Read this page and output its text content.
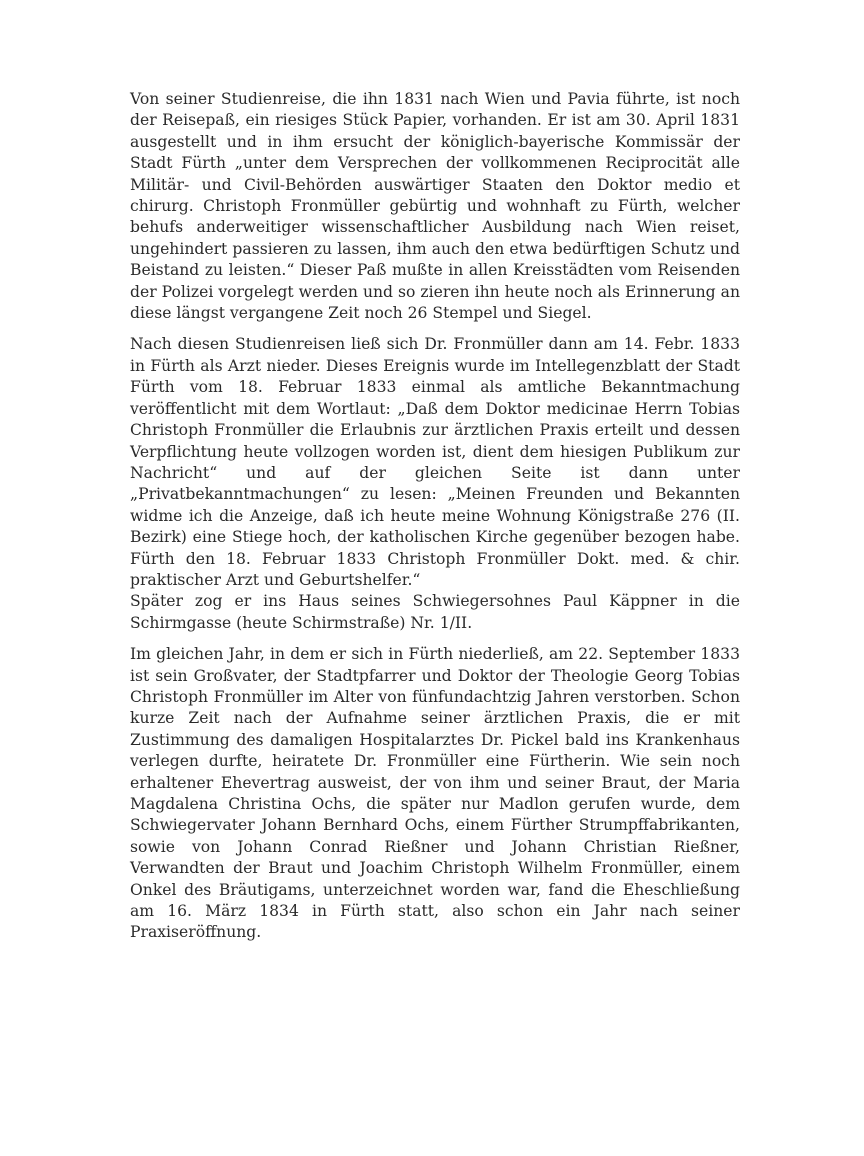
Von seiner Studienreise, die ihn 1831 nach Wien und Pavia führte, ist noch der Reisepaß, ein riesiges Stück Papier, vorhanden. Er ist am 30. April 1831 ausgestellt und in ihm ersucht der königlich-bayerische Kommissär der Stadt Fürth „unter dem Versprechen der vollkommenen Reciprocität alle Militär- und Civil-Behörden auswärtiger Staaten den Doktor medio et chirurg. Christoph Fronmüller gebürtig und wohnhaft zu Fürth, welcher behufs anderweitiger wissenschaftlicher Ausbildung nach Wien reiset, ungehindert passieren zu lassen, ihm auch den etwa bedürftigen Schutz und Beistand zu leisten.“ Dieser Paß mußte in allen Kreisstädten vom Reisenden der Polizei vorgelegt werden und so zieren ihn heute noch als Erinnerung an diese längst vergangene Zeit noch 26 Stempel und Siegel.

Nach diesen Studienreisen ließ sich Dr. Fronmüller dann am 14. Febr. 1833 in Fürth als Arzt nieder. Dieses Ereignis wurde im Intellegenzblatt der Stadt Fürth vom 18. Februar 1833 einmal als amtliche Bekanntmachung veröffentlicht mit dem Wortlaut: „Daß dem Doktor medicinae Herrn Tobias Christoph Fronmüller die Erlaubnis zur ärztlichen Praxis erteilt und dessen Verpflichtung heute vollzogen worden ist, dient dem hiesigen Publikum zur Nachricht“ und auf der gleichen Seite ist dann unter „Privatbekanntmachungen“ zu lesen: „Meinen Freunden und Bekannten widme ich die Anzeige, daß ich heute meine Wohnung Königstraße 276 (II. Bezirk) eine Stiege hoch, der katholischen Kirche gegenüber bezogen habe. Fürth den 18. Februar 1833 Christoph Fronmüller Dokt. med. & chir. praktischer Arzt und Geburtshelfer.“

Später zog er ins Haus seines Schwiegersohnes Paul Käppner in die Schirmgasse (heute Schirmstraße) Nr. 1/II.

Im gleichen Jahr, in dem er sich in Fürth niederließ, am 22. September 1833 ist sein Großvater, der Stadtpfarrer und Doktor der Theologie Georg Tobias Christoph Fronmüller im Alter von fünfundachtzig Jahren verstorben. Schon kurze Zeit nach der Aufnahme seiner ärztlichen Praxis, die er mit Zustimmung des damaligen Hospitalarztes Dr. Pickel bald ins Krankenhaus verlegen durfte, heiratete Dr. Fronmüller eine Fürtherin. Wie sein noch erhaltener Ehevertrag ausweist, der von ihm und seiner Braut, der Maria Magdalena Christina Ochs, die später nur Madlon gerufen wurde, dem Schwiegervater Johann Bernhard Ochs, einem Fürther Strumpffabrikanten, sowie von Johann Conrad Rießner und Johann Christian Rießner, Verwandten der Braut und Joachim Christoph Wilhelm Fronmüller, einem Onkel des Bräutigams, unterzeichnet worden war, fand die Eheschließung am 16. März 1834 in Fürth statt, also schon ein Jahr nach seiner Praxiseröffnung.
